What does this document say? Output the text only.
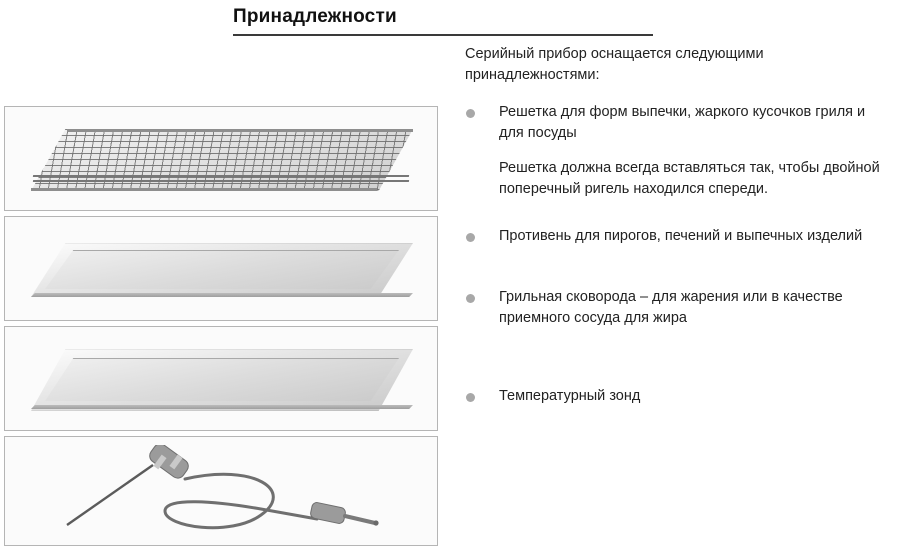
Принадлежности

Серийный прибор оснащается следующими принадлежностями:

Решетка для форм выпечки, жаркого кусочков гриля и для посуды

Решетка должна всегда вставляться так, чтобы двойной поперечный ригель находился спереди.

Противень для пирогов, печений и выпечных изделий

Грильная сковорода – для жарения или в качестве приемного сосуда для жира

Температурный зонд
